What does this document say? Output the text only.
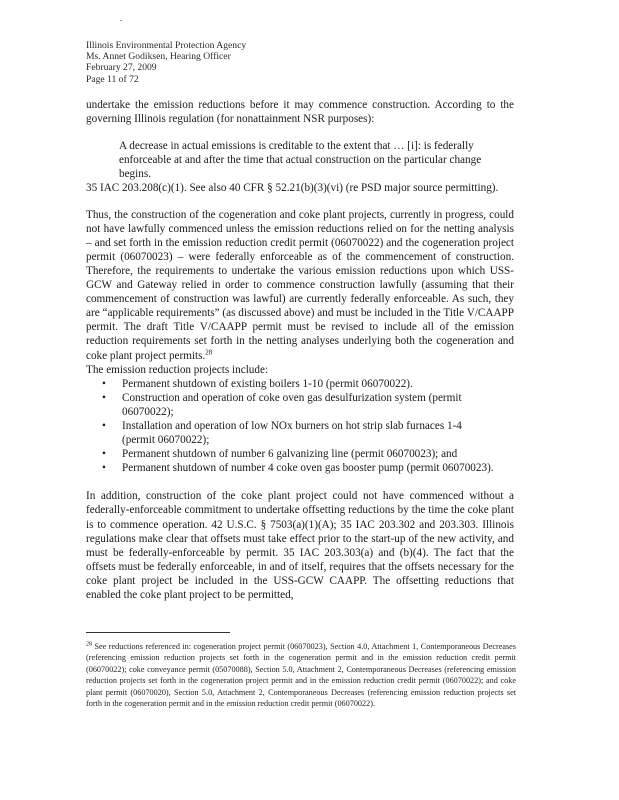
Illinois Environmental Protection Agency
Ms. Annet Godiksen, Hearing Officer
February 27, 2009
Page 11 of 72

undertake the emission reductions before it may commence construction. According to the governing Illinois regulation (for nonattainment NSR purposes):

A decrease in actual emissions is creditable to the extent that … [i]: is federally enforceable at and after the time that actual construction on the particular change begins.

35 IAC 203.208(c)(1). See also 40 CFR § 52.21(b)(3)(vi) (re PSD major source permitting).

Thus, the construction of the cogeneration and coke plant projects, currently in progress, could not have lawfully commenced unless the emission reductions relied on for the netting analysis – and set forth in the emission reduction credit permit (06070022) and the cogeneration project permit (06070023) – were federally enforceable as of the commencement of construction. Therefore, the requirements to undertake the various emission reductions upon which USS-GCW and Gateway relied in order to commence construction lawfully (assuming that their commencement of construction was lawful) are currently federally enforceable. As such, they are “applicable requirements” (as discussed above) and must be included in the Title V/CAAPP permit. The draft Title V/CAAPP permit must be revised to include all of the emission reduction requirements set forth in the netting analyses underlying both the cogeneration and coke plant project permits.$^{28}$

The emission reduction projects include:

• Permanent shutdown of existing boilers 1-10 (permit 06070022).
• Construction and operation of coke oven gas desulfurization system (permit 06070022);
• Installation and operation of low NOx burners on hot strip slab furnaces 1-4 (permit 06070022);
• Permanent shutdown of number 6 galvanizing line (permit 06070023); and
• Permanent shutdown of number 4 coke oven gas booster pump (permit 06070023).

In addition, construction of the coke plant project could not have commenced without a federally-enforceable commitment to undertake offsetting reductions by the time the coke plant is to commence operation. 42 U.S.C. § 7503(a)(1)(A); 35 IAC 203.302 and 203.303. Illinois regulations make clear that offsets must take effect prior to the start-up of the new activity, and must be federally-enforceable by permit. 35 IAC 203.303(a) and (b)(4). The fact that the offsets must be federally enforceable, in and of itself, requires that the offsets necessary for the coke plant project be included in the USS-GCW CAAPP. The offsetting reductions that enabled the coke plant project to be permitted,

$^{28}$ See reductions referenced in: cogeneration project permit (06070023), Section 4.0, Attachment 1, Contemporaneous Decreases (referencing emission reduction projects set forth in the cogeneration permit and in the emission reduction credit permit (06070022); coke conveyance permit (05070088), Section 5.0, Attachment 2, Contemporaneous Decreases (referencing emission reduction projects set forth in the cogeneration project permit and in the emission reduction credit permit (06070022); and coke plant permit (06070020), Section 5.0, Attachment 2, Contemporaneous Decreases (referencing emission reduction projects set forth in the cogeneration permit and in the emission reduction credit permit (06070022).
